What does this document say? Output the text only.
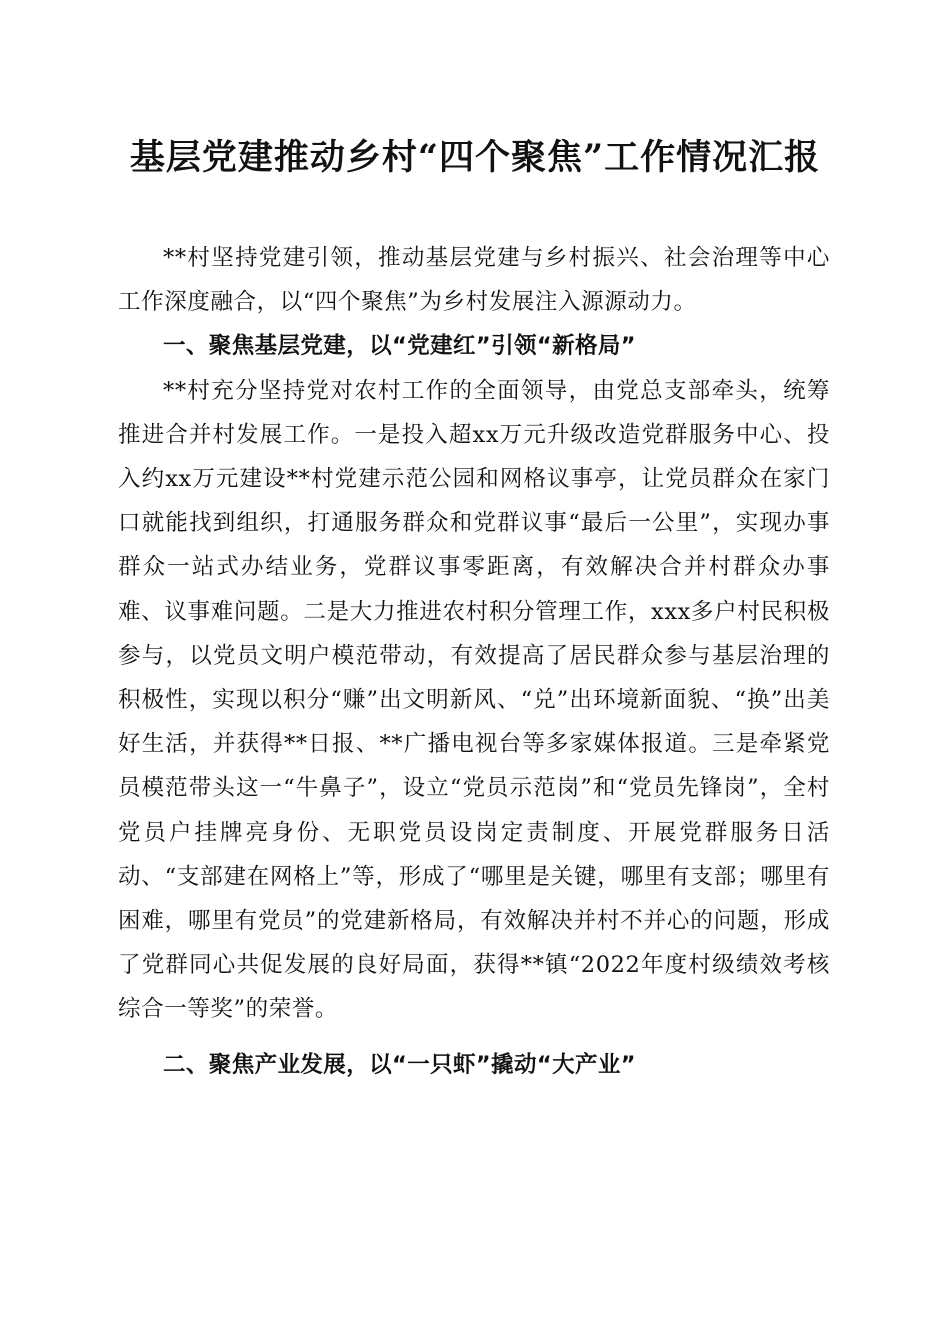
基层党建推动乡村“四个聚焦”工作情况汇报

**村坚持党建引领，推动基层党建与乡村振兴、社会治理等中心工作深度融合，以“四个聚焦”为乡村发展注入源源动力。

一、聚焦基层党建，以“党建红”引领“新格局”

**村充分坚持党对农村工作的全面领导，由党总支部牵头，统筹推进合并村发展工作。一是投入超xx万元升级改造党群服务中心、投入约xx万元建设**村党建示范公园和网格议事亭，让党员群众在家门口就能找到组织，打通服务群众和党群议事“最后一公里”，实现办事群众一站式办结业务，党群议事零距离，有效解决合并村群众办事难、议事难问题。二是大力推进农村积分管理工作，xxx多户村民积极参与，以党员文明户模范带动，有效提高了居民群众参与基层治理的积极性，实现以积分“赚”出文明新风、“兑”出环境新面貌、“换”出美好生活，并获得**日报、**广播电视台等多家媒体报道。三是牵紧党员模范带头这一“牛鼻子”，设立“党员示范岗”和“党员先锋岗”，全村党员户挂牌亮身份、无职党员设岗定责制度、开展党群服务日活动、“支部建在网格上”等，形成了“哪里是关键，哪里有支部；哪里有困难，哪里有党员”的党建新格局，有效解决并村不并心的问题，形成了党群同心共促发展的良好局面，获得**镇“2022年度村级绩效考核综合一等奖”的荣誉。

二、聚焦产业发展，以“一只虾”撬动“大产业”
